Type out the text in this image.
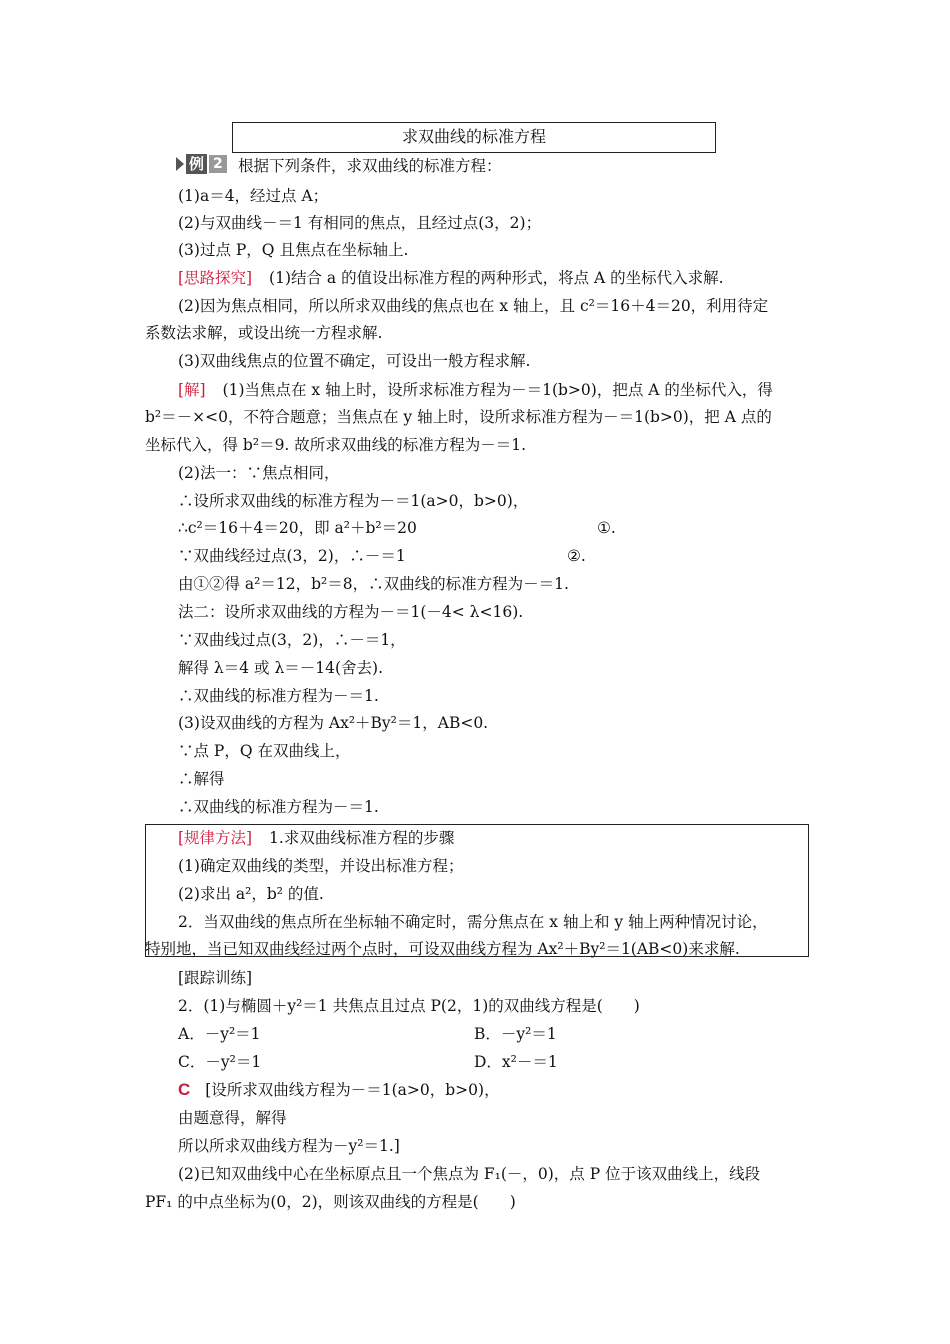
求双曲线的标准方程
例 2 根据下列条件，求双曲线的标准方程：
(1)a＝4，经过点 A；
(2)与双曲线－＝1 有相同的焦点，且经过点(3，2)；
(3)过点 P，Q 且焦点在坐标轴上.
[思路探究] (1)结合 a 的值设出标准方程的两种形式，将点 A 的坐标代入求解.
(2)因为焦点相同，所以所求双曲线的焦点也在 x 轴上，且 c²＝16＋4＝20，利用待定
系数法求解，或设出统一方程求解.
(3)双曲线焦点的位置不确定，可设出一般方程求解.
[解] (1)当焦点在 x 轴上时，设所求标准方程为－＝1(b>0)，把点 A 的坐标代入，得
b²＝－×<0，不符合题意；当焦点在 y 轴上时，设所求标准方程为－＝1(b>0)，把 A 点的
坐标代入，得 b²＝9. 故所求双曲线的标准方程为－＝1.
(2)法一：∵焦点相同，
∴设所求双曲线的标准方程为－＝1(a>0，b>0)，
∴c²＝16＋4＝20，即 a²＋b²＝20	①.
∵双曲线经过点(3，2)，∴－＝1	②.
由①②得 a²＝12，b²＝8，∴双曲线的标准方程为－＝1.
法二：设所求双曲线的方程为－＝1(－4< λ<16).
∵双曲线过点(3，2)，∴－＝1，
解得 λ＝4 或 λ＝－14(舍去).
∴双曲线的标准方程为－＝1.
(3)设双曲线的方程为 Ax²＋By²＝1，AB<0.
∵点 P，Q 在双曲线上，
∴解得
∴双曲线的标准方程为－＝1.
[规律方法] 1.求双曲线标准方程的步骤
(1)确定双曲线的类型，并设出标准方程；
(2)求出 a²，b² 的值.
2．当双曲线的焦点所在坐标轴不确定时，需分焦点在 x 轴上和 y 轴上两种情况讨论，
特别地，当已知双曲线经过两个点时，可设双曲线方程为 Ax²＋By²＝1(AB<0)来求解.
[跟踪训练]
2．(1)与椭圆＋y²＝1 共焦点且过点 P(2，1)的双曲线方程是(　　)
A．－y²＝1	B．－y²＝1
C．－y²＝1	D．x²－＝1
C [设所求双曲线方程为－＝1(a>0，b>0)，
由题意得，解得
所以所求双曲线方程为－y²＝1.]
(2)已知双曲线中心在坐标原点且一个焦点为 F₁(－，0)，点 P 位于该双曲线上，线段
PF₁ 的中点坐标为(0，2)，则该双曲线的方程是(　　)
